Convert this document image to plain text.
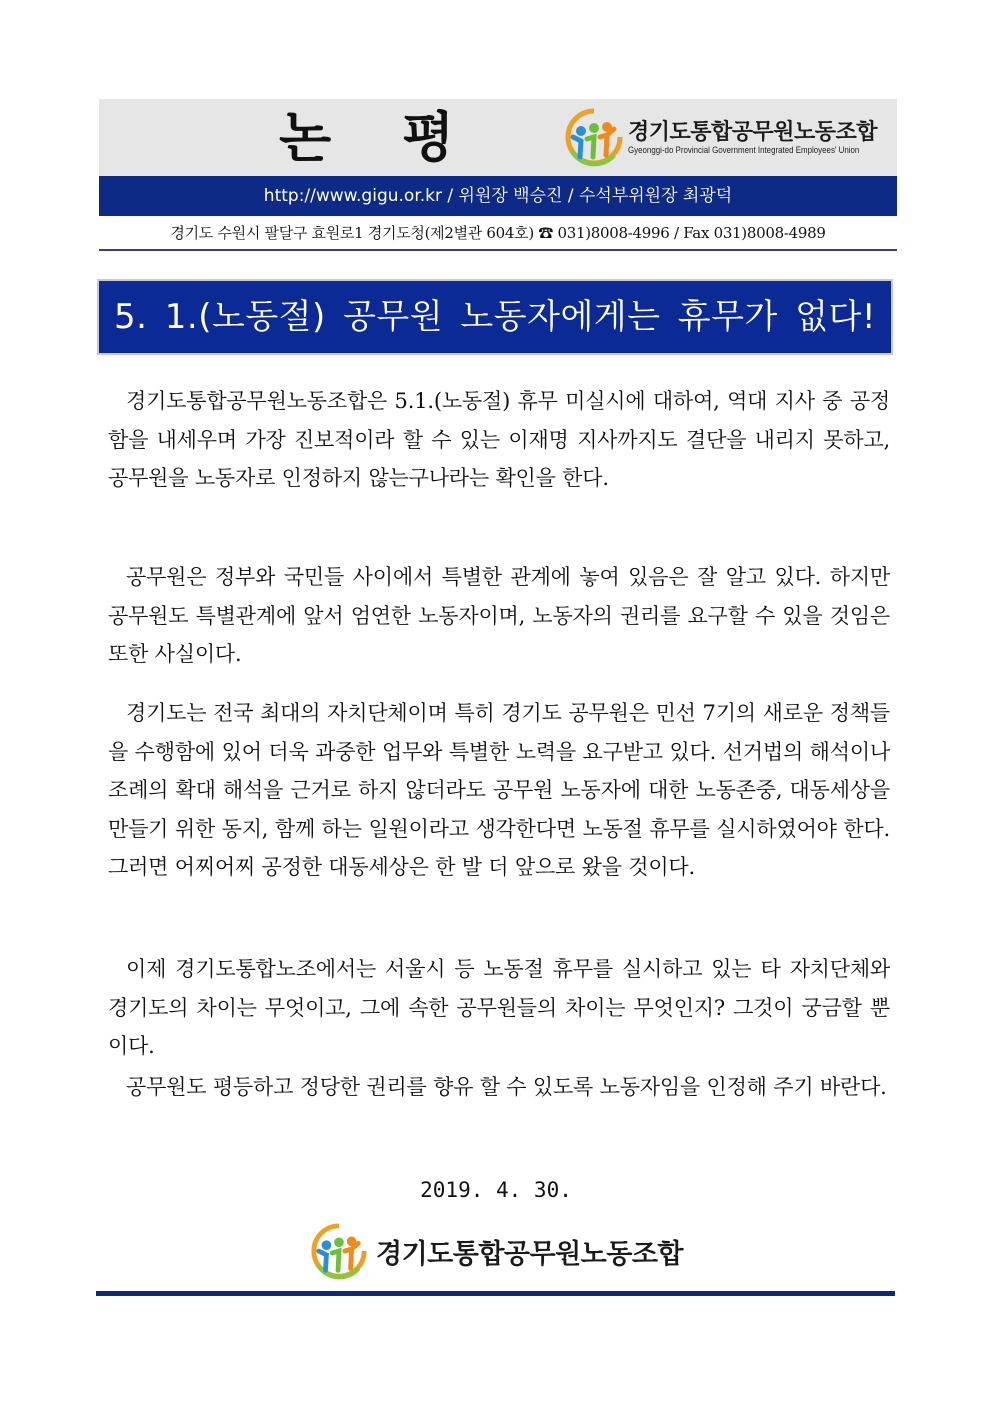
논 평	경기도통합공무원노동조합
Gyeonggi-do Provincial Government Integrated Employees' Union
http://www.gigu.or.kr / 위원장 백승진 / 수석부위원장 최광덕
경기도 수원시 팔달구 효원로1 경기도청(제2별관 604호) ☎ 031)8008-4996 / Fax 031)8008-4989
5. 1.(노동절) 공무원 노동자에게는 휴무가 없다!

경기도통합공무원노동조합은 5.1.(노동절) 휴무 미실시에 대하여, 역대 지사 중 공정함을 내세우며 가장 진보적이라 할 수 있는 이재명 지사까지도 결단을 내리지 못하고, 공무원을 노동자로 인정하지 않는구나라는 확인을 한다.

공무원은 정부와 국민들 사이에서 특별한 관계에 놓여 있음은 잘 알고 있다. 하지만 공무원도 특별관계에 앞서 엄연한 노동자이며, 노동자의 권리를 요구할 수 있을 것임은 또한 사실이다.

경기도는 전국 최대의 자치단체이며 특히 경기도 공무원은 민선 7기의 새로운 정책들을 수행함에 있어 더욱 과중한 업무와 특별한 노력을 요구받고 있다. 선거법의 해석이나 조례의 확대 해석을 근거로 하지 않더라도 공무원 노동자에 대한 노동존중, 대동세상을 만들기 위한 동지, 함께 하는 일원이라고 생각한다면 노동절 휴무를 실시하였어야 한다. 그러면 어찌어찌 공정한 대동세상은 한 발 더 앞으로 왔을 것이다.

이제 경기도통합노조에서는 서울시 등 노동절 휴무를 실시하고 있는 타 자치단체와 경기도의 차이는 무엇이고, 그에 속한 공무원들의 차이는 무엇인지? 그것이 궁금할 뿐이다.

공무원도 평등하고 정당한 권리를 향유 할 수 있도록 노동자임을 인정해 주기 바란다.

2019. 4. 30.
경기도통합공무원노동조합
